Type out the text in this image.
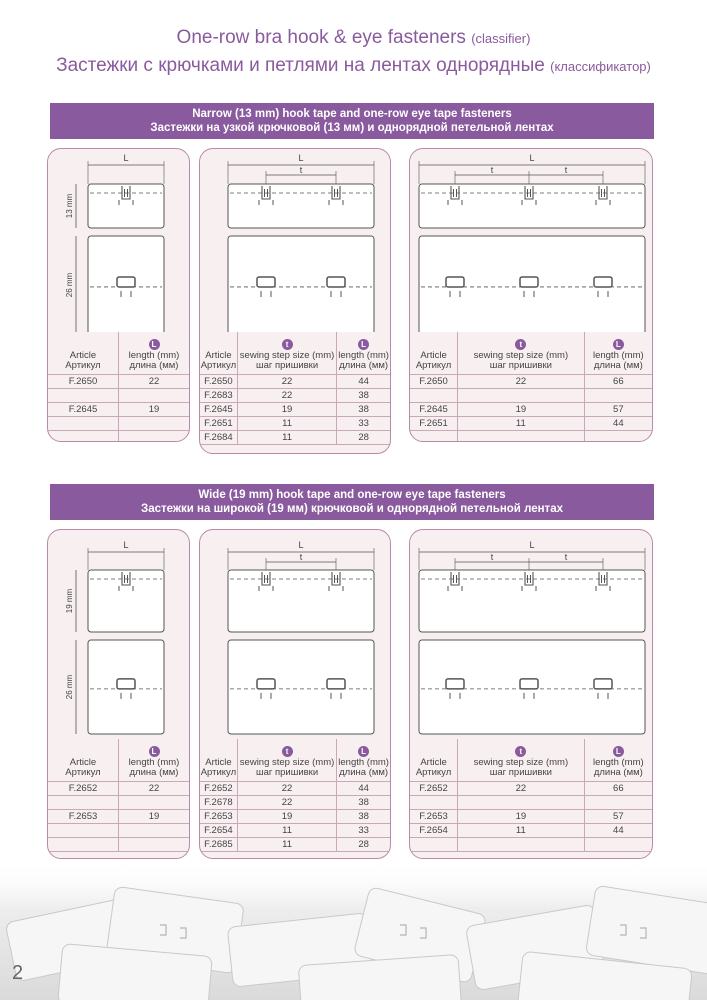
One-row bra hook & eye fasteners (classifier)
Застежки с крючками и петлями на лентах однорядные (классификатор)
Narrow (13 mm) hook tape and one-row eye tape fasteners
Застежки на узкой крючковой (13 мм) и однорядной петельной лентах
Wide (19 mm) hook tape and one-row eye tape fasteners
Застежки на широкой (19 мм) крючковой и однорядной петельной лентах
L
13 mm
26 mm
Article
Артикул	L
length (mm)
длина (мм)
F.2650	22

F.2645	19

L
t
Article
Артикул	t
sewing step size (mm)
шаг пришивки	L
length (mm)
длина (мм)
F.2650	22	44
F.2683	22	38
F.2645	19	38
F.2651	11	33
F.2684	11	28
L
t	t
Article
Артикул	t
sewing step size (mm)
шаг пришивки	L
length (mm)
длина (мм)
F.2650	22	66

F.2645	19	57
F.2651	11	44

L
19 mm
26 mm
Article
Артикул	L
length (mm)
длина (мм)
F.2652	22

F.2653	19

L
t
Article
Артикул	t
sewing step size (mm)
шаг пришивки	L
length (mm)
длина (мм)
F.2652	22	44
F.2678	22	38
F.2653	19	38
F.2654	11	33
F.2685	11	28
L
t	t
Article
Артикул	t
sewing step size (mm)
шаг пришивки	L
length (mm)
длина (мм)
F.2652	22	66

F.2653	19	57
F.2654	11	44

2
